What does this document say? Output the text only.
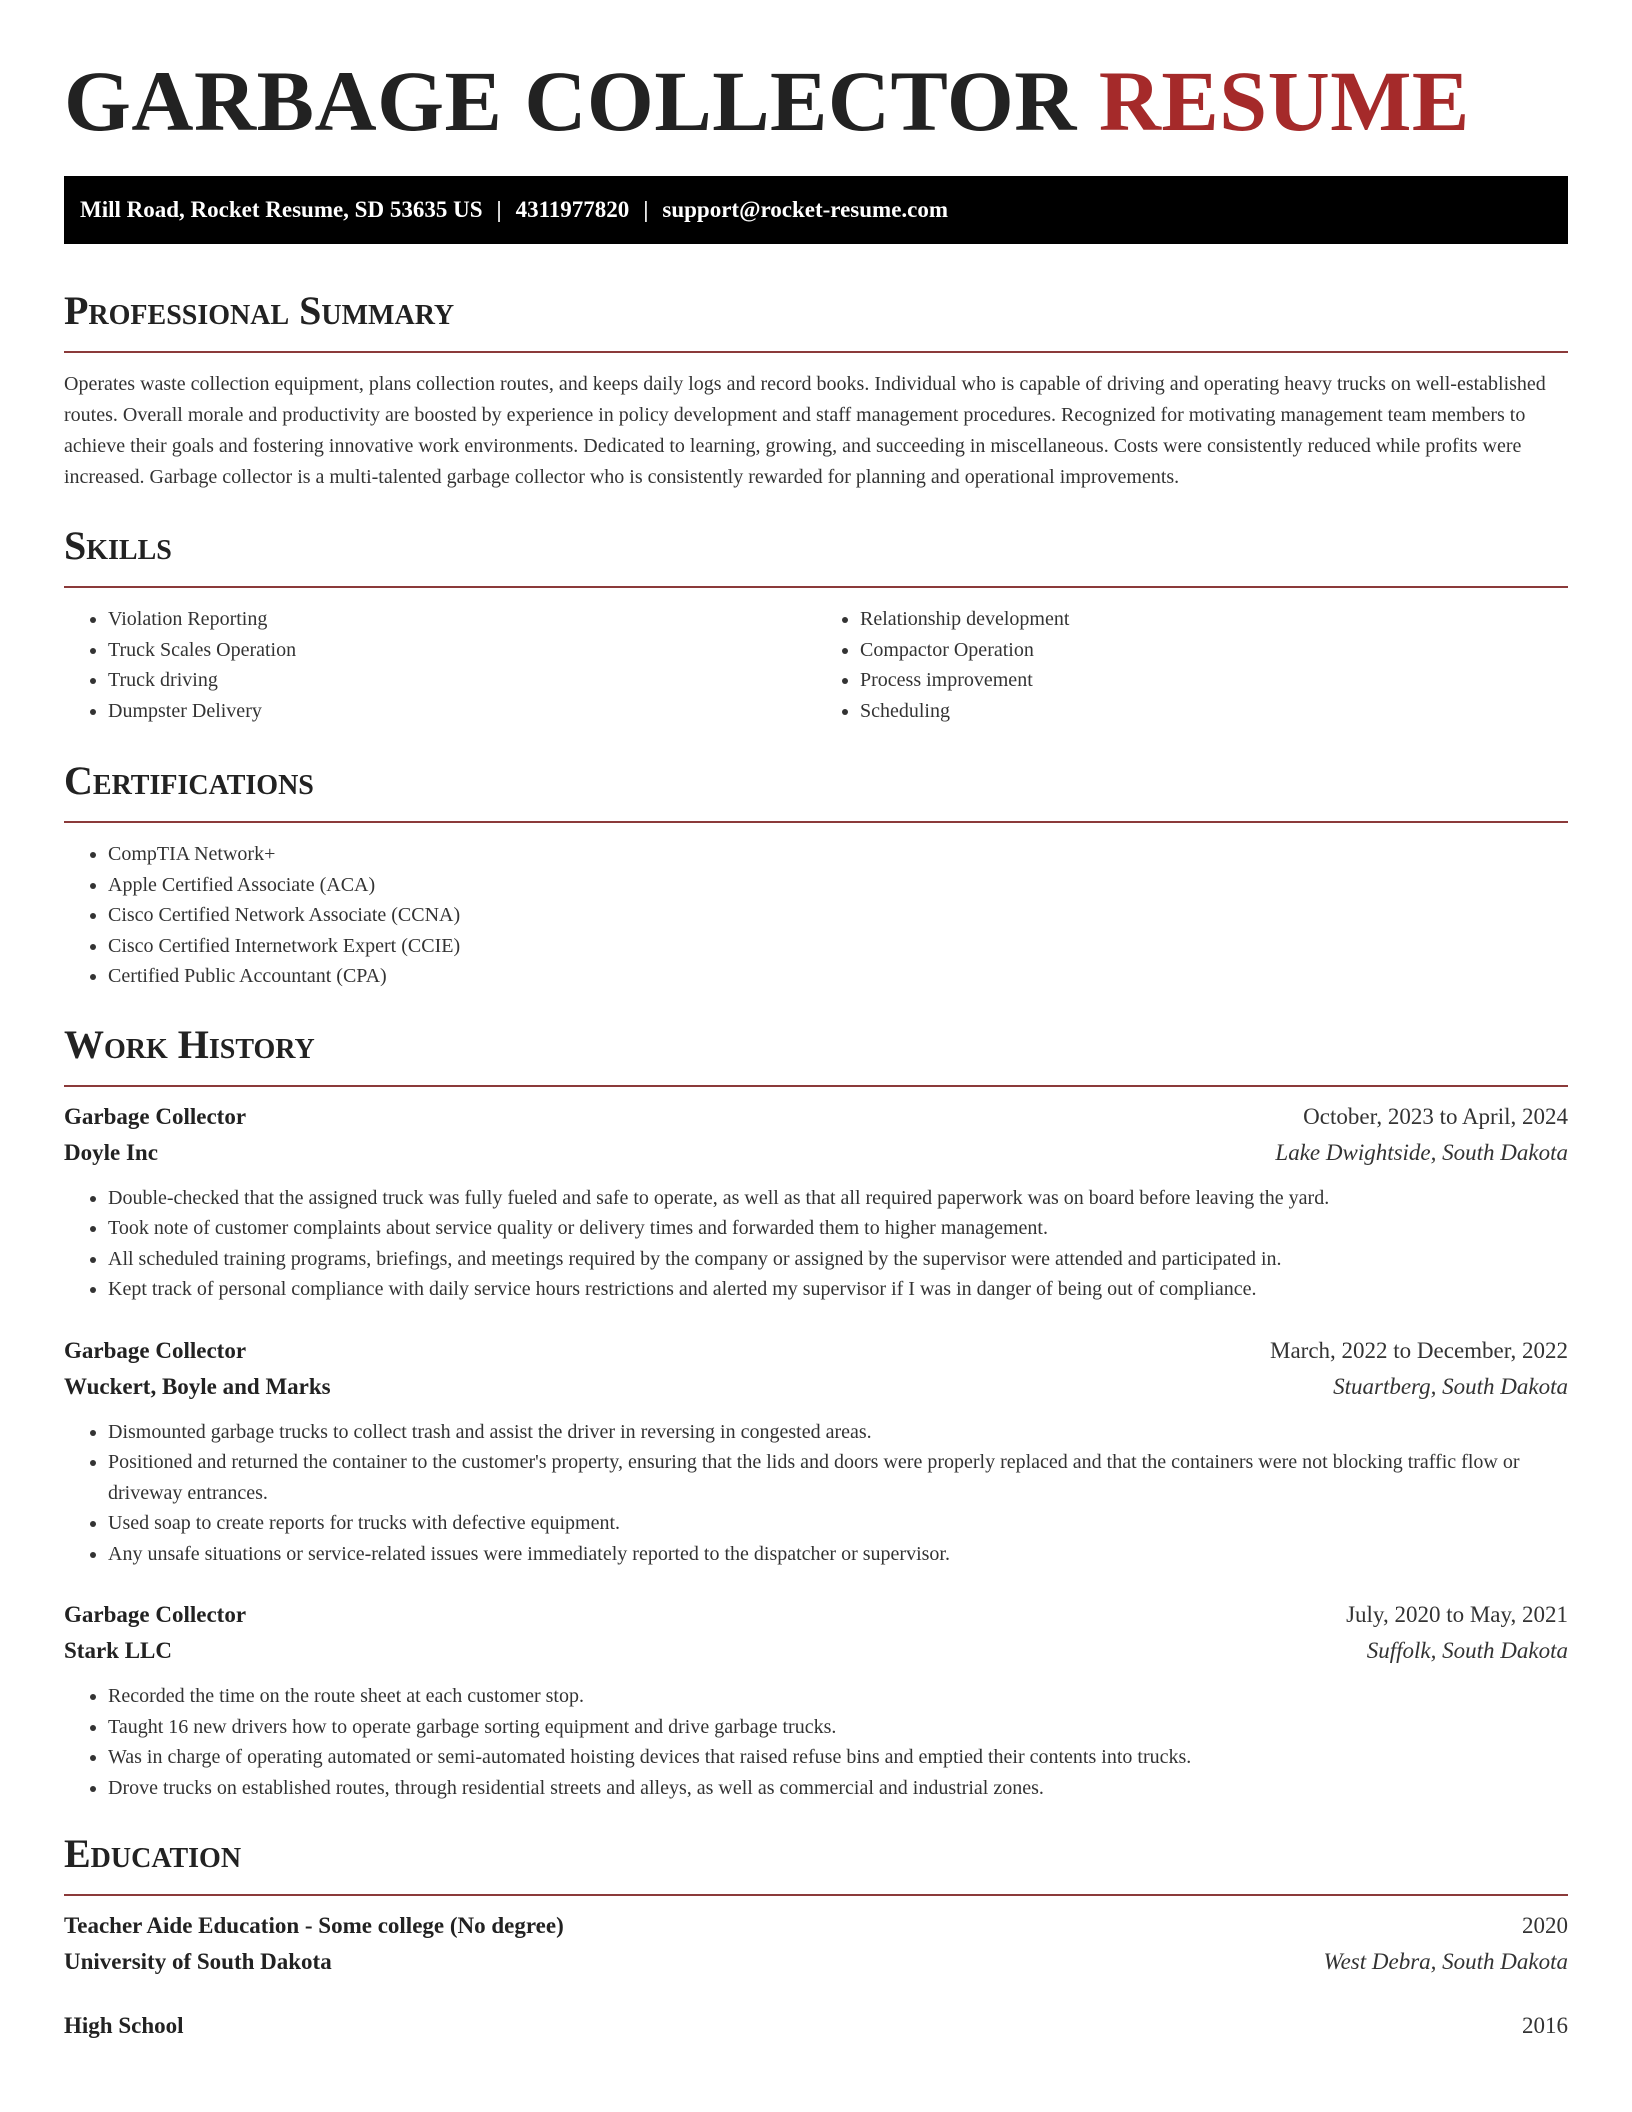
GARBAGE COLLECTOR RESUME
Mill Road, Rocket Resume, SD 53635 US | 4311977820 | support@rocket-resume.com
Professional Summary

Operates waste collection equipment, plans collection routes, and keeps daily logs and record books. Individual who is capable of driving and operating heavy trucks on well-established routes. Overall morale and productivity are boosted by experience in policy development and staff management procedures. Recognized for motivating management team members to achieve their goals and fostering innovative work environments. Dedicated to learning, growing, and succeeding in miscellaneous. Costs were consistently reduced while profits were increased. Garbage collector is a multi-talented garbage collector who is consistently rewarded for planning and operational improvements.

Skills
• Violation Reporting
• Truck Scales Operation
• Truck driving
• Dumpster Delivery
• Relationship development
• Compactor Operation
• Process improvement
• Scheduling
Certifications
• CompTIA Network+
• Apple Certified Associate (ACA)
• Cisco Certified Network Associate (CCNA)
• Cisco Certified Internetwork Expert (CCIE)
• Certified Public Accountant (CPA)
Work History
Garbage Collector	October, 2023 to April, 2024
Doyle Inc	Lake Dwightside, South Dakota
• Double-checked that the assigned truck was fully fueled and safe to operate, as well as that all required paperwork was on board before leaving the yard.
• Took note of customer complaints about service quality or delivery times and forwarded them to higher management.
• All scheduled training programs, briefings, and meetings required by the company or assigned by the supervisor were attended and participated in.
• Kept track of personal compliance with daily service hours restrictions and alerted my supervisor if I was in danger of being out of compliance.
Garbage Collector	March, 2022 to December, 2022
Wuckert, Boyle and Marks	Stuartberg, South Dakota
• Dismounted garbage trucks to collect trash and assist the driver in reversing in congested areas.
• Positioned and returned the container to the customer's property, ensuring that the lids and doors were properly replaced and that the containers were not blocking traffic flow or driveway entrances.
• Used soap to create reports for trucks with defective equipment.
• Any unsafe situations or service-related issues were immediately reported to the dispatcher or supervisor.
Garbage Collector	July, 2020 to May, 2021
Stark LLC	Suffolk, South Dakota
• Recorded the time on the route sheet at each customer stop.
• Taught 16 new drivers how to operate garbage sorting equipment and drive garbage trucks.
• Was in charge of operating automated or semi-automated hoisting devices that raised refuse bins and emptied their contents into trucks.
• Drove trucks on established routes, through residential streets and alleys, as well as commercial and industrial zones.
Education
Teacher Aide Education - Some college (No degree)	2020
University of South Dakota	West Debra, South Dakota
High School	2016
